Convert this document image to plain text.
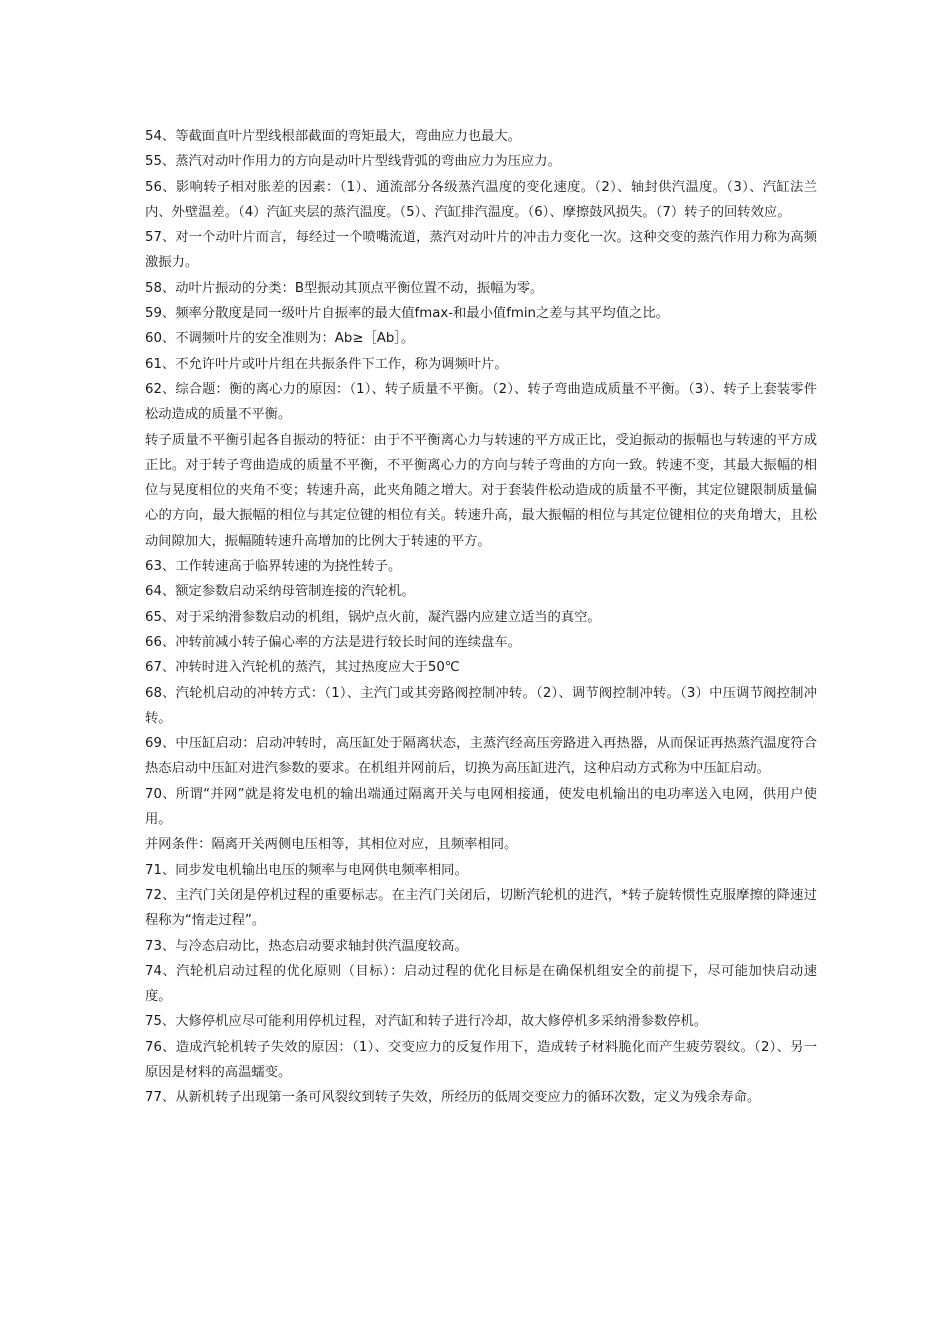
54、等截面直叶片型线根部截面的弯矩最大，弯曲应力也最大。

55、蒸汽对动叶作用力的方向是动叶片型线背弧的弯曲应力为压应力。

56、影响转子相对胀差的因素：（1）、通流部分各级蒸汽温度的变化速度。（2）、轴封供汽温度。（3）、汽缸法兰内、外壁温差。（4）汽缸夹层的蒸汽温度。（5）、汽缸排汽温度。（6）、摩擦鼓风损失。（7）转子的回转效应。

57、对一个动叶片而言，每经过一个喷嘴流道，蒸汽对动叶片的冲击力变化一次。这种交变的蒸汽作用力称为高频激振力。

58、动叶片振动的分类：B型振动其顶点平衡位置不动，振幅为零。

59、频率分散度是同一级叶片自振率的最大值fmax-和最小值fmin之差与其平均值之比。

60、不调频叶片的安全准则为：Ab≥［Ab］。

61、不允许叶片或叶片组在共振条件下工作，称为调频叶片。

62、综合题：衡的离心力的原因：（1）、转子质量不平衡。（2）、转子弯曲造成质量不平衡。（3）、转子上套装零件松动造成的质量不平衡。

转子质量不平衡引起各自振动的特征：由于不平衡离心力与转速的平方成正比，受迫振动的振幅也与转速的平方成正比。对于转子弯曲造成的质量不平衡，不平衡离心力的方向与转子弯曲的方向一致。转速不变，其最大振幅的相位与晃度相位的夹角不变；转速升高，此夹角随之增大。对于套装件松动造成的质量不平衡，其定位键限制质量偏心的方向，最大振幅的相位与其定位键的相位有关。转速升高，最大振幅的相位与其定位键相位的夹角增大，且松动间隙加大，振幅随转速升高增加的比例大于转速的平方。

63、工作转速高于临界转速的为挠性转子。

64、额定参数启动采纳母管制连接的汽轮机。

65、对于采纳滑参数启动的机组，锅炉点火前，凝汽器内应建立适当的真空。

66、冲转前减小转子偏心率的方法是进行较长时间的连续盘车。

67、冲转时进入汽轮机的蒸汽，其过热度应大于50℃

68、汽轮机启动的冲转方式：（1）、主汽门或其旁路阀控制冲转。（2）、调节阀控制冲转。（3）中压调节阀控制冲转。

69、中压缸启动：启动冲转时，高压缸处于隔离状态，主蒸汽经高压旁路进入再热器，从而保证再热蒸汽温度符合热态启动中压缸对进汽参数的要求。在机组并网前后，切换为高压缸进汽，这种启动方式称为中压缸启动。

70、所谓“并网”就是将发电机的输出端通过隔离开关与电网相接通，使发电机输出的电功率送入电网，供用户使用。

并网条件：隔离开关两侧电压相等，其相位对应，且频率相同。

71、同步发电机输出电压的频率与电网供电频率相同。

72、主汽门关闭是停机过程的重要标志。在主汽门关闭后，切断汽轮机的进汽，*转子旋转惯性克服摩擦的降速过程称为“惰走过程”。

73、与冷态启动比，热态启动要求轴封供汽温度较高。

74、汽轮机启动过程的优化原则（目标）：启动过程的优化目标是在确保机组安全的前提下，尽可能加快启动速度。

75、大修停机应尽可能利用停机过程，对汽缸和转子进行冷却，故大修停机多采纳滑参数停机。

76、造成汽轮机转子失效的原因：（1）、交变应力的反复作用下，造成转子材料脆化而产生疲劳裂纹。（2）、另一原因是材料的高温蠕变。

77、从新机转子出现第一条可风裂纹到转子失效，所经历的低周交变应力的循环次数，定义为残余寿命。
